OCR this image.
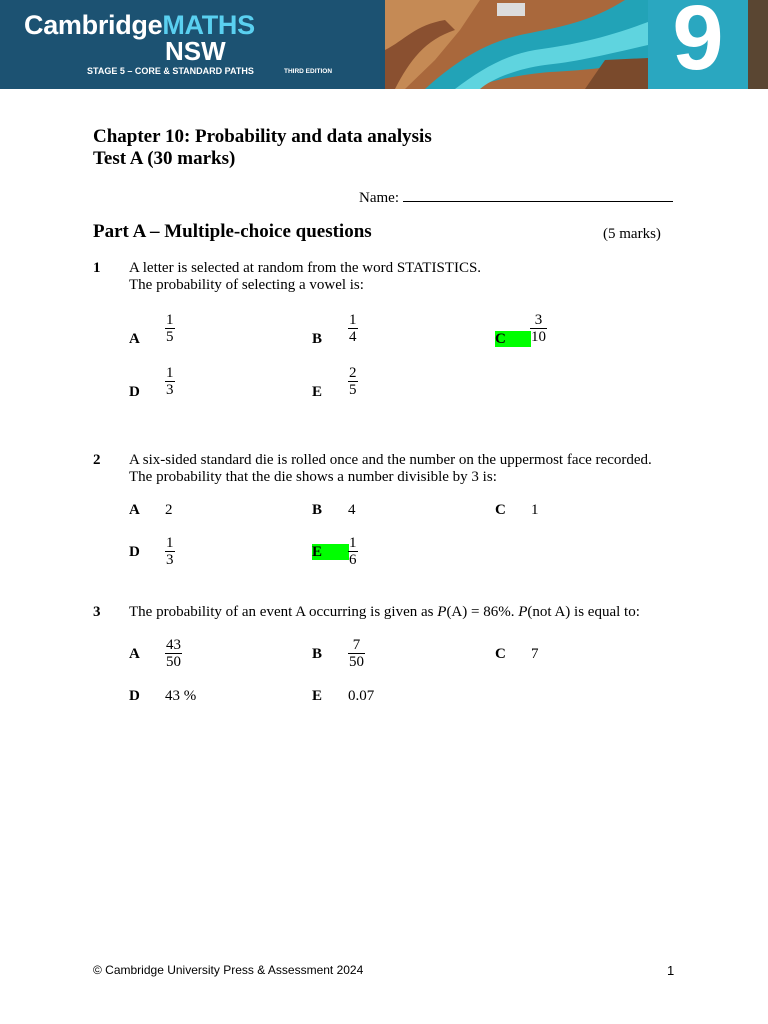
CambridgeMATHS
NSW
STAGE 5 – CORE & STANDARD PATHS	THIRD EDITION	9
Chapter 10: Probability and data analysis
Test A (30 marks)
Name:
Part A – Multiple-choice questions	(5 marks)
1 A letter is selected at random from the word STATISTICS.
The probability of selecting a vowel is:
A $\frac{1}{5}$	B $\frac{1}{4}$	C	$\frac{3}{10}$
D $\frac{1}{3}$	E $\frac{2}{5}$
2 A six-sided standard die is rolled once and the number on the uppermost face recorded.
The probability that the die shows a number divisible by 3 is:
A 2	B 4	C 1
D $\frac{1}{3}$	E	$\frac{1}{6}$
3 The probability of an event A occurring is given as P(A) = 86%. P(not A) is equal to:
A $\frac{43}{50}$	B $\frac{7}{50}$	C 7
D 43 %	E 0.07
© Cambridge University Press & Assessment 2024	1
